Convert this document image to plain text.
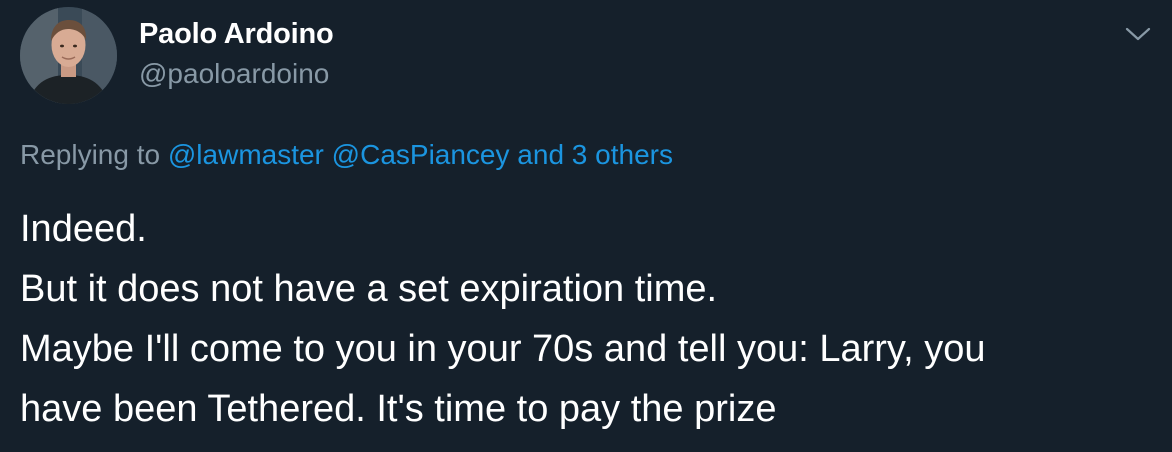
Paolo Ardoino
@paoloardoino
Replying to @lawmaster @CasPiancey and 3 others
Indeed.
But it does not have a set expiration time.
Maybe I'll come to you in your 70s and tell you: Larry, you
have been Tethered. It's time to pay the prize
